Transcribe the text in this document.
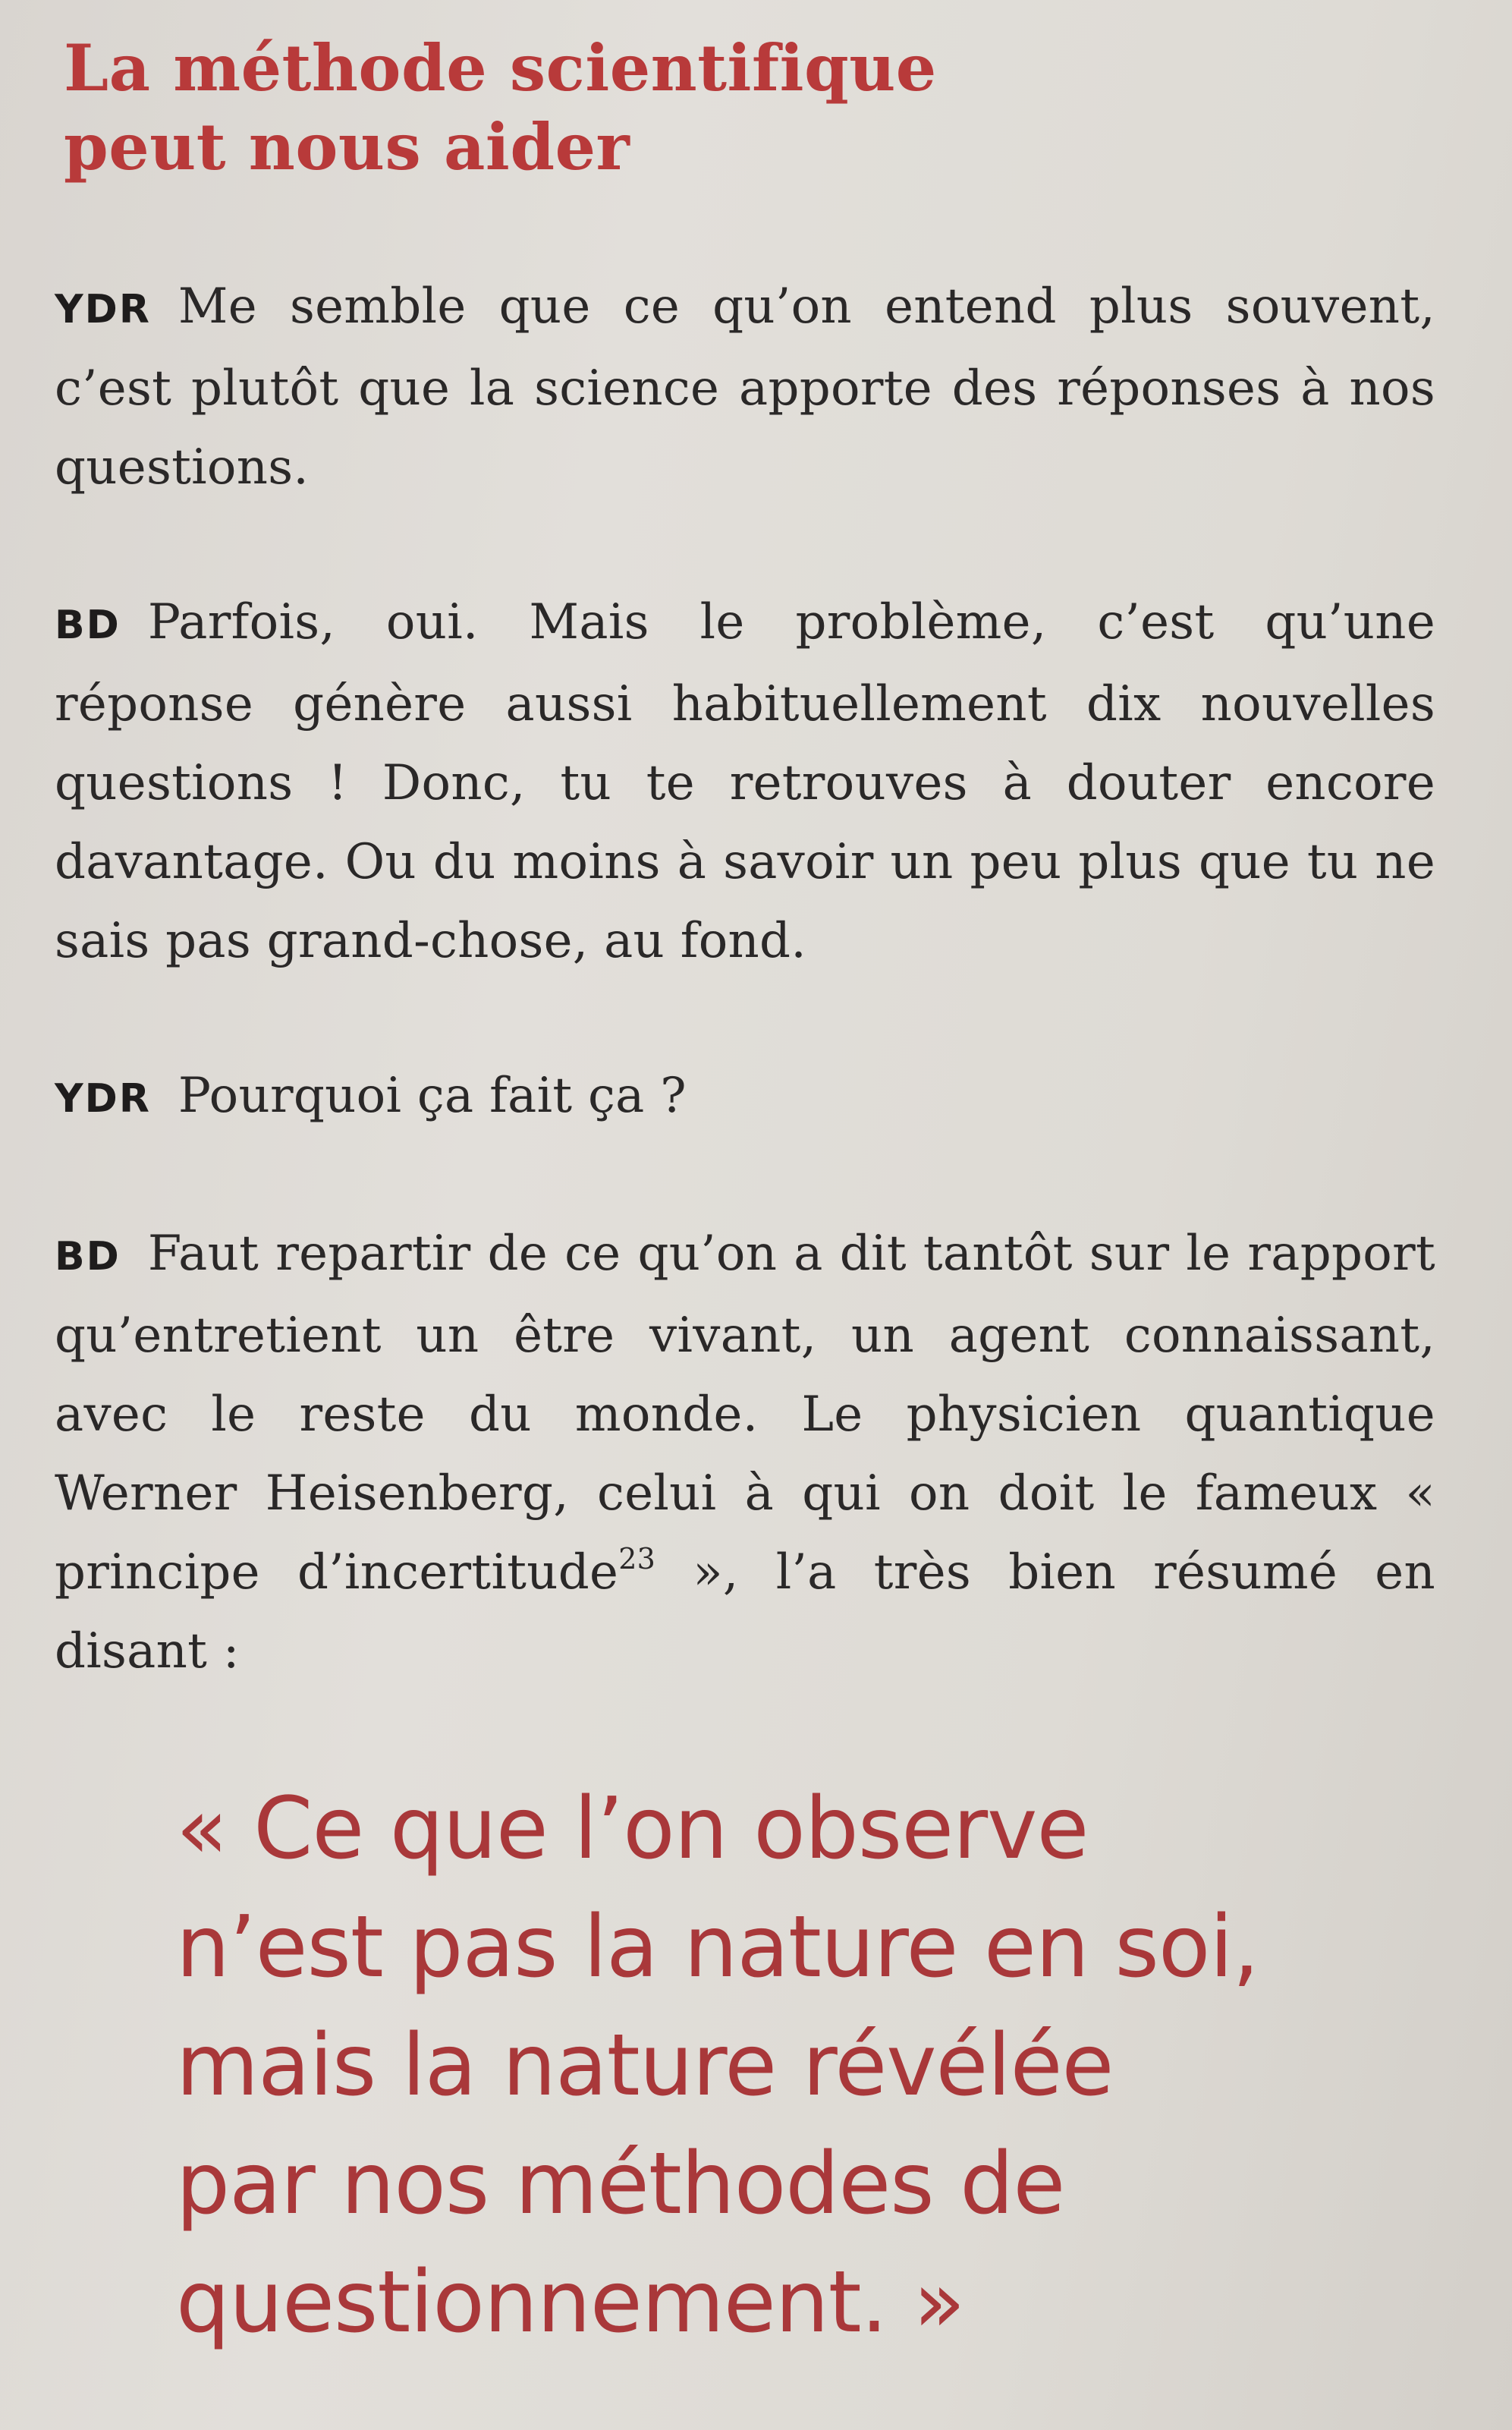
La méthode scientifique
peut nous aider

YDR Me semble que ce qu’on entend plus souvent, c’est plutôt que la science apporte des réponses à nos questions.

BD Parfois, oui. Mais le problème, c’est qu’une réponse génère aussi habituellement dix nouvelles questions ! Donc, tu te retrouves à douter encore davantage. Ou du moins à savoir un peu plus que tu ne sais pas grand-chose, au fond.

YDR Pourquoi ça fait ça ?

BD Faut repartir de ce qu’on a dit tantôt sur le rapport qu’entretient un être vivant, un agent connaissant, avec le reste du monde. Le physicien quantique Werner Heisenberg, celui à qui on doit le fameux « principe d’incertitude$^{23}$ », l’a très bien résumé en disant :

« Ce que l’on observe
n’est pas la nature en soi,
mais la nature révélée
par nos méthodes de
questionnement. »
